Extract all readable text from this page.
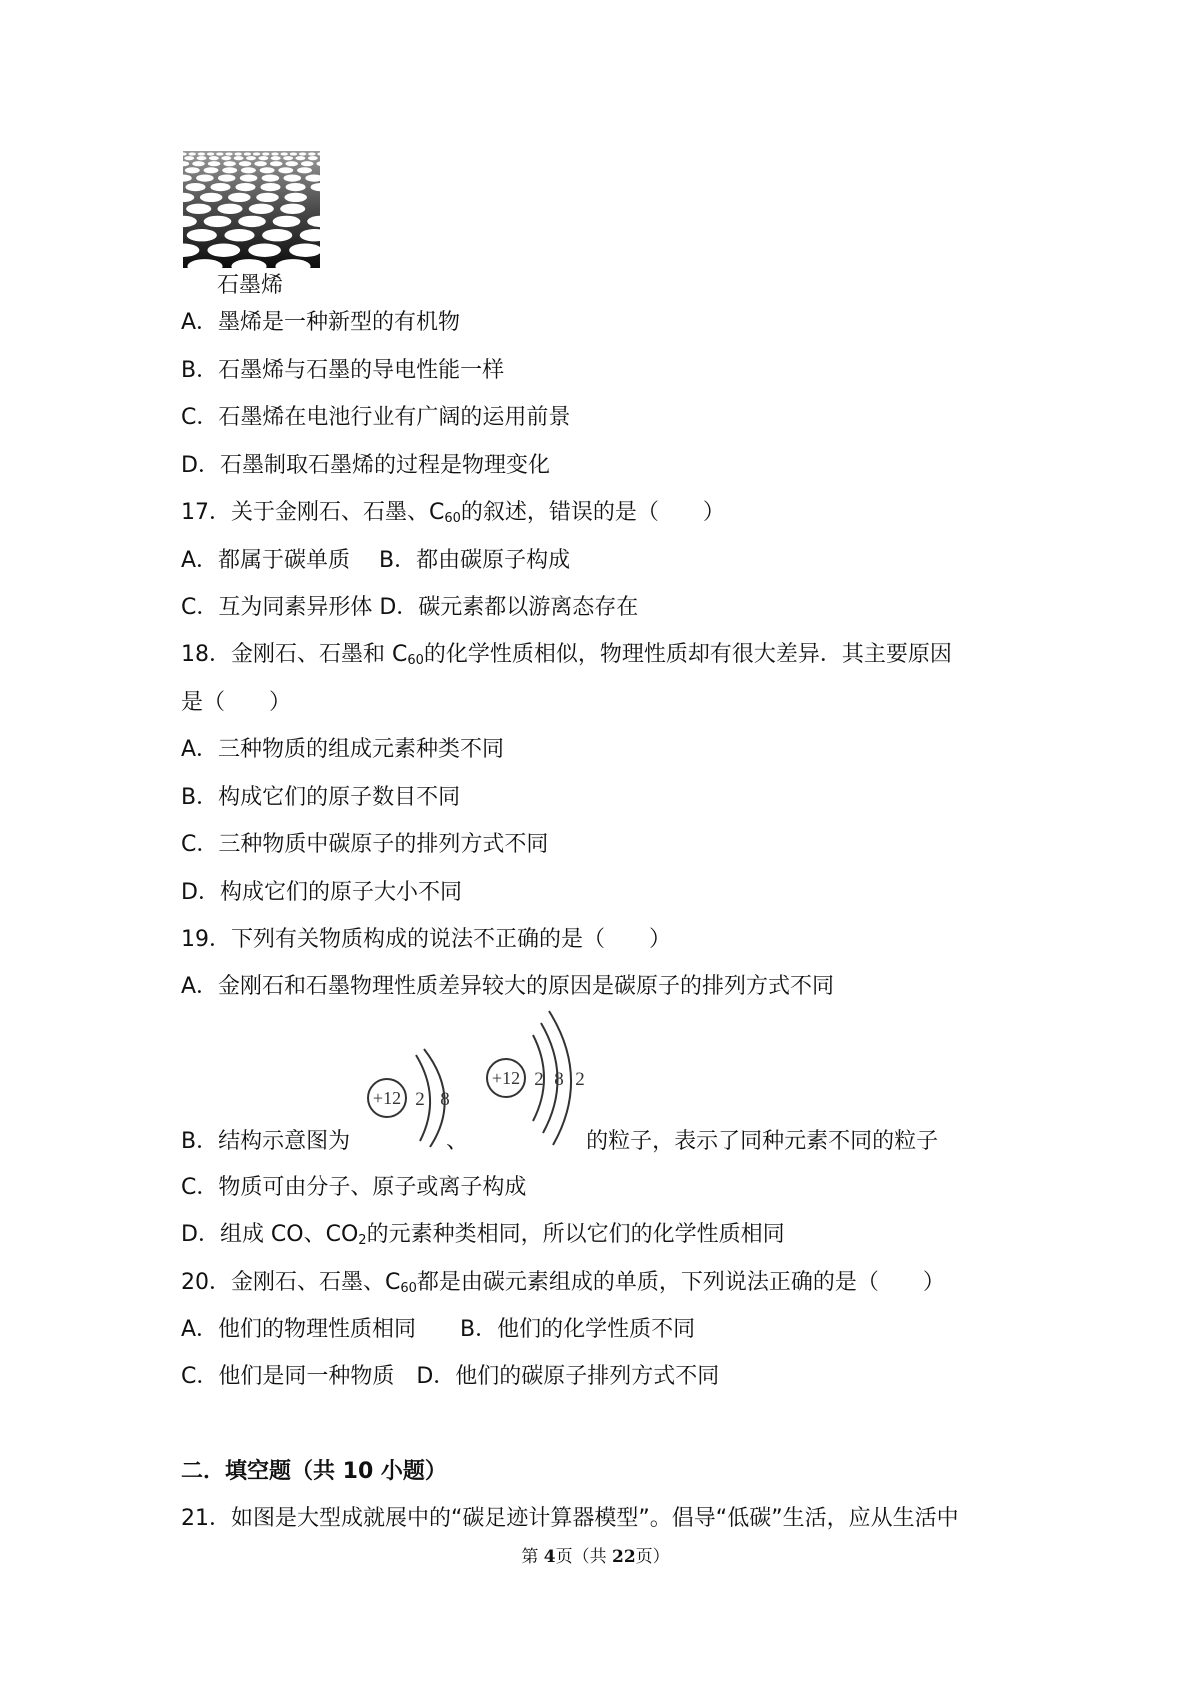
石墨烯
A．墨烯是一种新型的有机物
B．石墨烯与石墨的导电性能一样
C．石墨烯在电池行业有广阔的运用前景
D．石墨制取石墨烯的过程是物理变化
17．关于金刚石、石墨、$C_{60}$的叙述，错误的是（　　）
A．都属于碳单质　 B．都由碳原子构成
C．互为同素异形体 D．碳元素都以游离态存在
18．金刚石、石墨和 $C_{60}$的化学性质相似，物理性质却有很大差异．其主要原因
是（　　）
A．三种物质的组成元素种类不同
B．构成它们的原子数目不同
C．三种物质中碳原子的排列方式不同
D．构成它们的原子大小不同
19．下列有关物质构成的说法不正确的是（　　）
A．金刚石和石墨物理性质差异较大的原因是碳原子的排列方式不同
+12 2 8
+12 2 8 2
B．结构示意图为	、	的粒子，表示了同种元素不同的粒子
C．物质可由分子、原子或离子构成
D．组成 CO、$CO_2$的元素种类相同，所以它们的化学性质相同
20．金刚石、石墨、$C_{60}$都是由碳元素组成的单质，下列说法正确的是（　　）
A．他们的物理性质相同　　B．他们的化学性质不同
C．他们是同一种物质　D．他们的碳原子排列方式不同
二．填空题（共 10 小题）
21．如图是大型成就展中的“碳足迹计算器模型”。倡导“低碳”生活，应从生活中
第 4页（共 22页）
